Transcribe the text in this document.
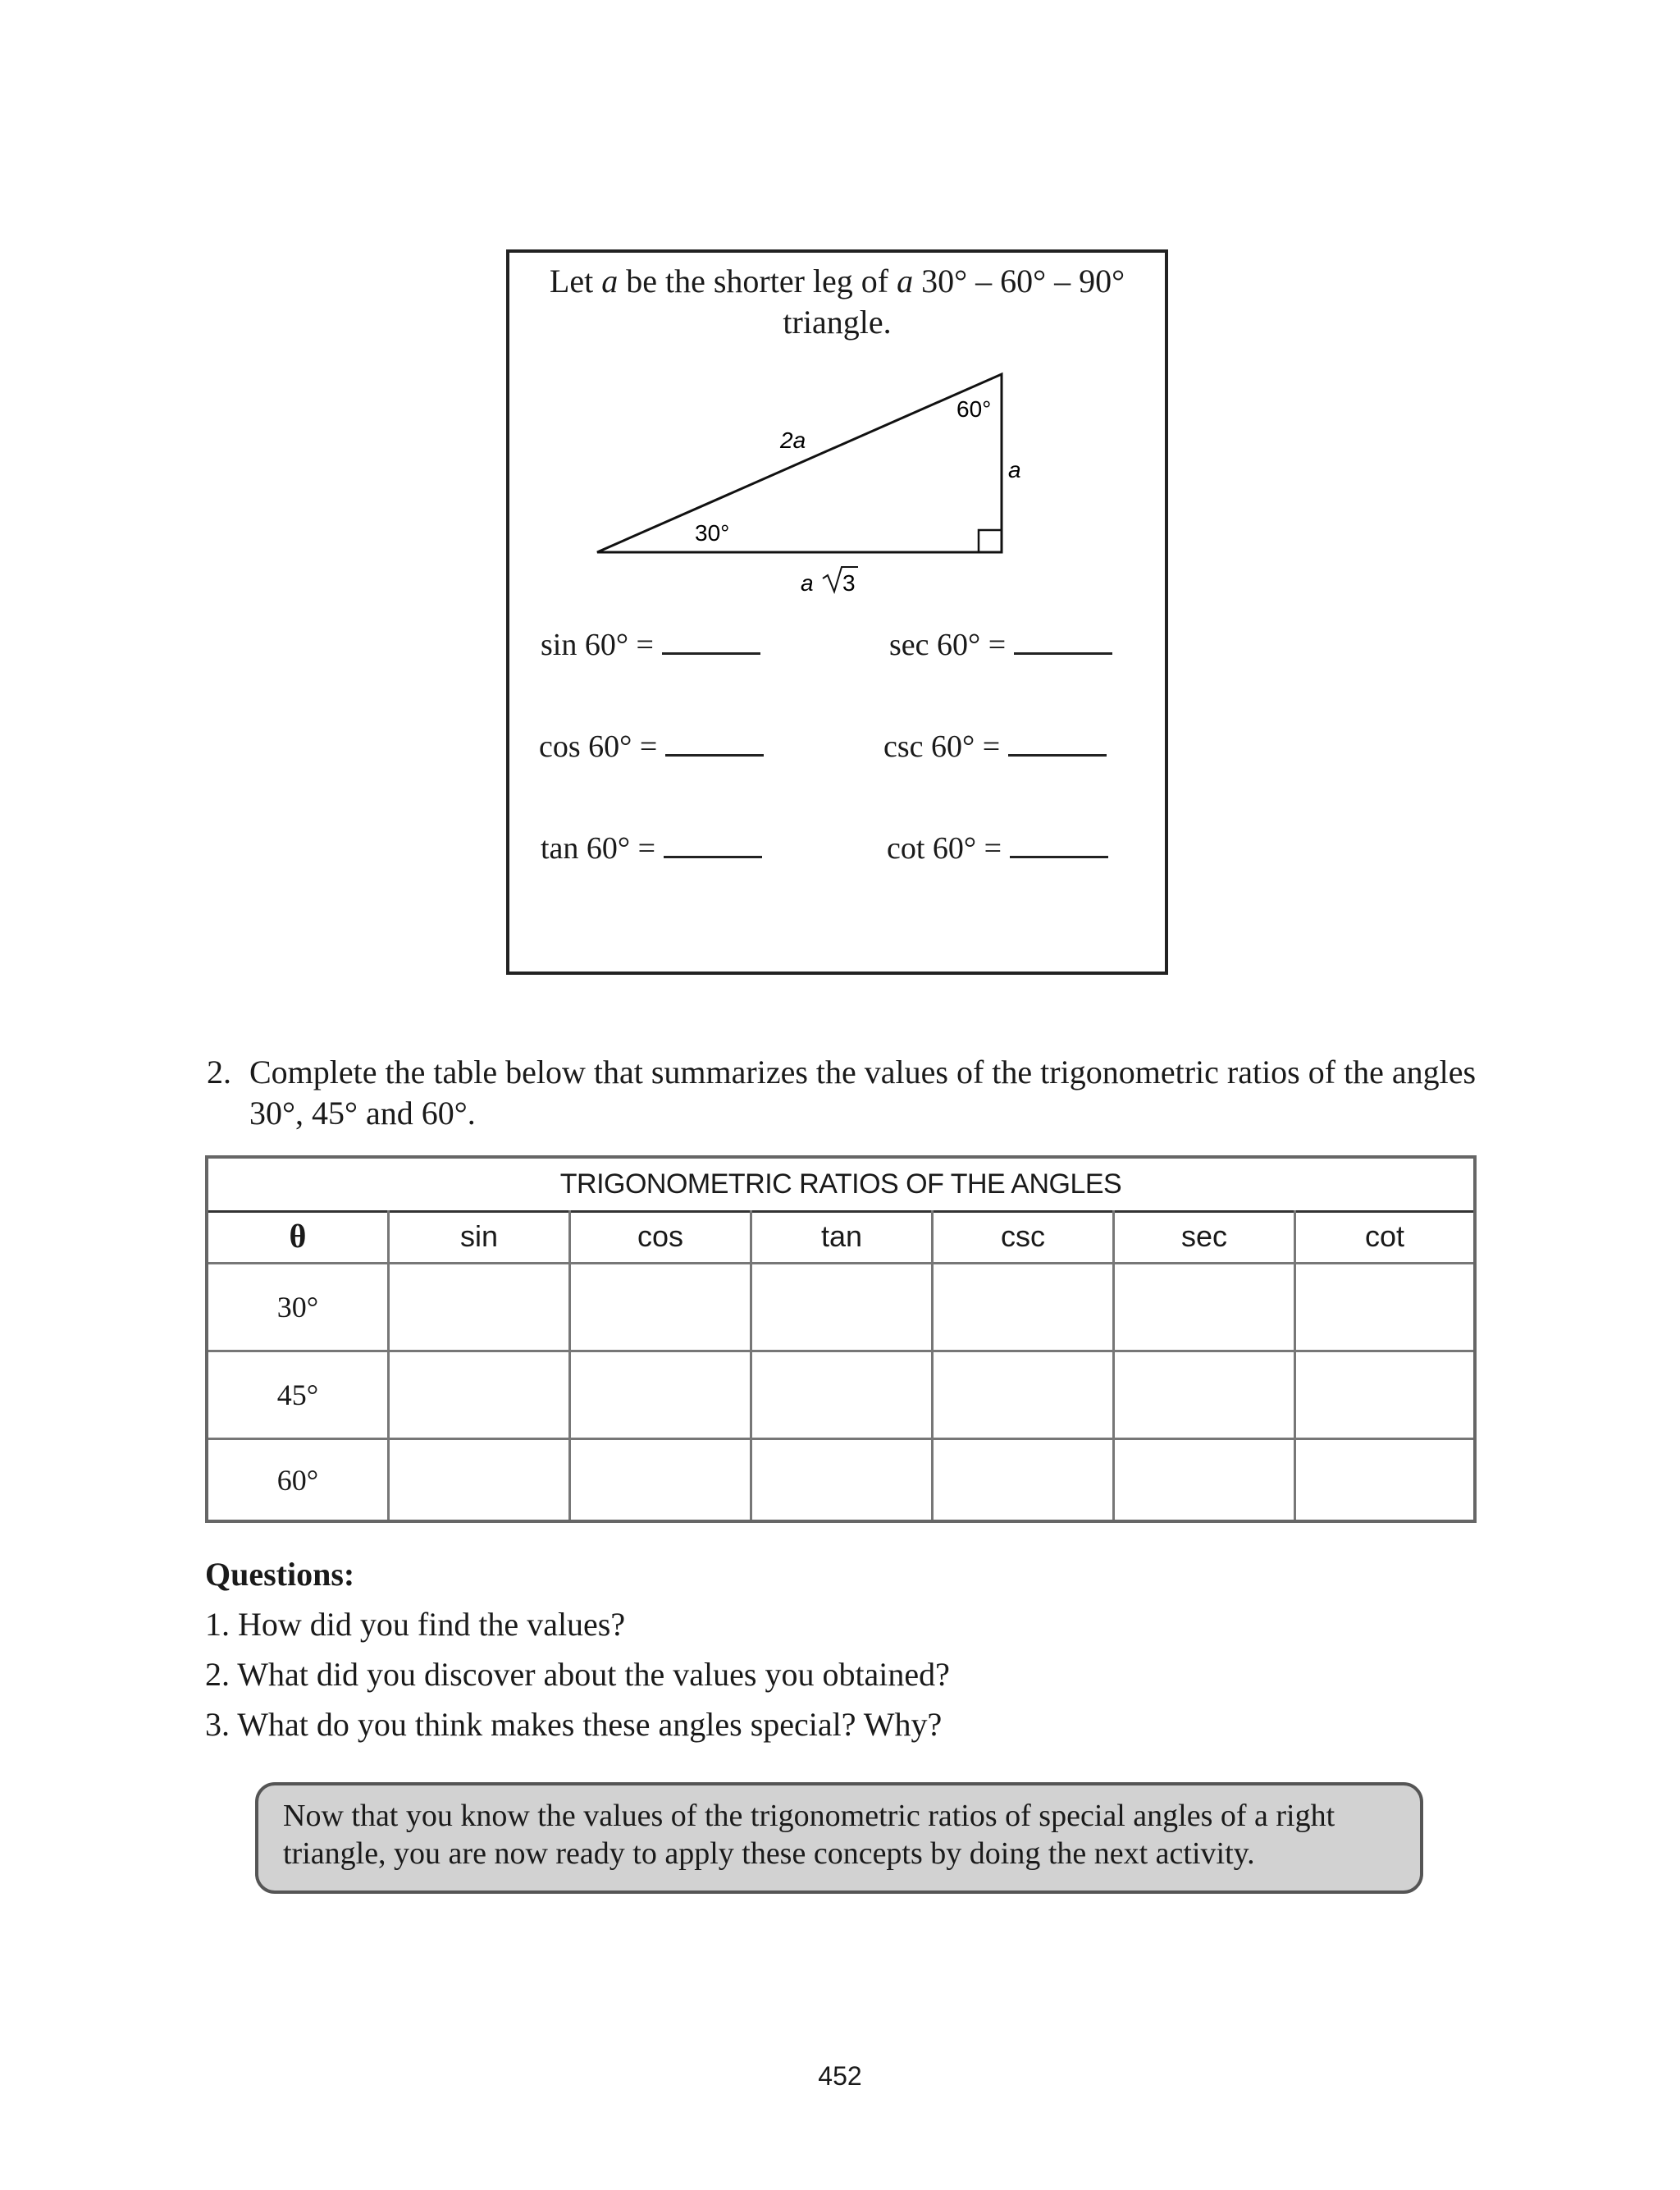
Let a be the shorter leg of a 30° – 60° – 90°
triangle.
2a
a
60°
30°
a 3
sin 60° =	sec 60° =
cos 60° =	csc 60° =
tan 60° =	cot 60° =
2. Complete the table below that summarizes the values of the trigonometric ratios of the angles
30°, 45° and 60°.
TRIGONOMETRIC RATIOS OF THE ANGLES
θ	sin	cos	tan	csc	sec	cot
30°
45°
60°
Questions:
1. How did you find the values?
2. What did you discover about the values you obtained?
3. What do you think makes these angles special? Why?
Now that you know the values of the trigonometric ratios of special angles of a right
triangle, you are now ready to apply these concepts by doing the next activity.
452
